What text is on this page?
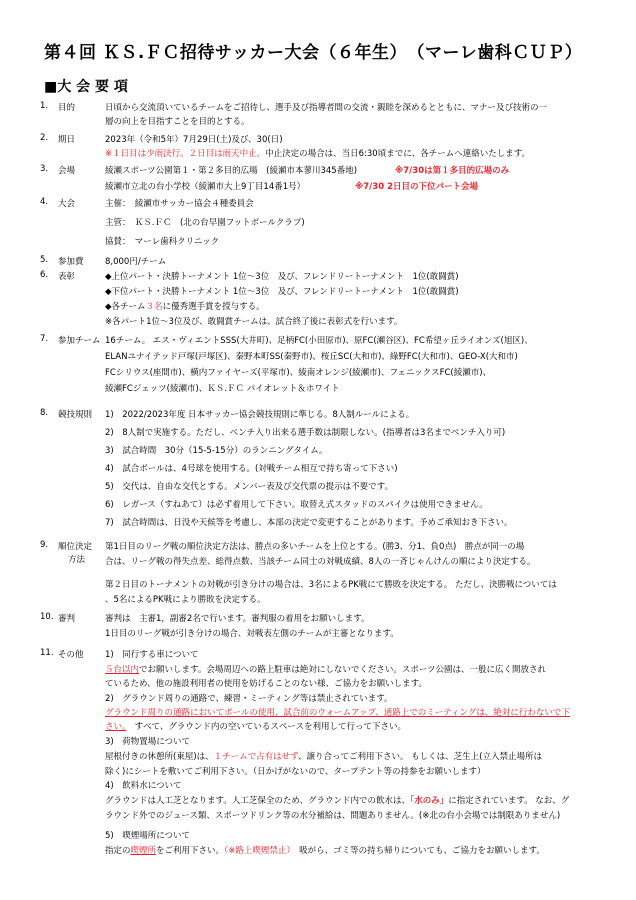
第４回 ＫＳ.ＦＣ招待サッカー大会（６年生）　（マーレ歯科ＣＵＰ）
■大 会 要 項
1. 目的	日頃から交流頂いているチームをご招待し、選手及び指導者間の交流・親睦を深めるとともに、マナー及び技術の一
層の向上を目指すことを目的とする。
2. 期日	2023年（令和5年）7月29日(土)及び、30(日)
※１日目は少雨決行。２日目は雨天中止。中止決定の場合は、当日6:30頃までに、各チームへ連絡いたします。
3. 会場	綾瀬スポーツ公園第１・第２多目的広場　(綾瀬市本蓼川345番地)	※7/30は第１多目的広場のみ
綾瀬市立北の台小学校（綾瀬市大上9丁目14番1号）	※7/30 2日目の下位パート会場
4. 大会	主催：　綾瀬市サッカー協会４種委員会
主管：　ＫＳ.ＦＣ　(北の台早園フットボールクラブ)
協賛：　マーレ歯科クリニック
5. 参加費	8,000円/チーム
6. 表彰	◆上位パート・決勝トーナメント 1位〜3位　及び、フレンドリートーナメント　1位(敢闘賞)
◆下位パート・決勝トーナメント 1位〜3位　及び、フレンドリートーナメント　1位(敢闘賞)
◆各チーム３名に優秀選手賞を授与する。
※各パート1位〜3位及び、敢闘賞チームは、試合終了後に表彰式を行います。
7. 参加チーム 16チーム。 エス・ヴィエントSSS(大井町)、足柄FC(小田原市)、原FC(瀬谷区)、FC希望ヶ丘ライオンズ(旭区)、
ELANユナイテッド戸塚(戸塚区)、秦野本町SS(秦野市)、桜丘SC(大和市)、綠野FC(大和市)、GEO-X(大和市)
FCシリウス(座間市)、横内ファイヤーズ(平塚市)、綾南オレンジ(綾瀬市)、フェニックスFC(綾瀬市)、
綾瀬FCジェッツ(綾瀬市)、ＫＳ.ＦＣ パイオレット＆ホワイト
8. 競技規則 1)　2022/2023年度 日本サッカー協会競技規則に準じる。8人制ルールによる。
2)　8人制で実施する。ただし、ベンチ入り出来る選手数は制限しない。(指導者は3名までベンチ入り可)
3)　試合時間　30分（15-5-15分）のランニングタイム。
4)　試合ボールは、4号球を使用する。(対戦チーム相互で持ち寄って下さい)
5)　交代は、自由な交代とする。メンバー表及び交代票の提示は不要です。
6)　レガース（すねあて）は必ず着用して下さい。取替え式スタッドのスパイクは使用できません。
7)　試合時間は、日没や天候等を考慮し、本部の決定で変更することがあります。予めご承知おき下さい。
9. 順位決定
方法
第1日目のリーグ戦の順位決定方法は、勝点の多いチームを上位とする。(勝3、分1、負0点)　勝点が同一の場
合は、リーグ戦の得失点差、総得点数、当該チーム同士の対戦成績、8人の一斉じゃんけんの順により決定する。
第２日目のトーナメントの対戦が引き分けの場合は、3名によるPK戦にて勝敗を決定する。 ただし、決勝戦については
、5名によるPK戦により勝敗を決定する。
10. 審判	審判は　主審1，副審2名で行います。審判服の着用をお願いします。
1日目のリーグ戦が引き分けの場合、対戦表左側のチームが主審となります。
11. その他	1)　同行する車について
５台以内でお願いします。会場周辺への路上駐車は絶対にしないでください。スポーツ公園は、一般に広く開放され
ているため、他の施設利用者の使用を妨げることのない様、ご協力をお願いします。
2)　グラウンド周りの通路で、練習・ミーティング等は禁止されています。
グラウンド周りの通路においてボールの使用、試合前のウォームアップ、通路上でのミーティングは、絶対に行わないで下
さい。　すべて、グラウンド内の空いているスペースを利用して行って下さい。
3)　荷物置場について
屋根付きの休憩所(東屋)は、１チームで占有はせず、譲り合ってご利用下さい。 もしくは、芝生上(立入禁止場所は
除く)にシートを敷いてご利用下さい。（日かげがないので、タープテント等の持参をお願いします）
4)　飲料水について
グラウンドは人工芝となります。人工芝保全のため、グラウンド内での飲水は、「水のみ」に指定されています。 なお、グ
ラウンド外でのジュース類、スポーツドリンク等の水分補給は、問題ありません。(※北の台小会場では制限ありません)
5)　喫煙場所について
指定の喫煙所をご利用下さい。（※路上喫煙禁止）　吸がら、ゴミ等の持ち帰りについても、ご協力をお願いします。
